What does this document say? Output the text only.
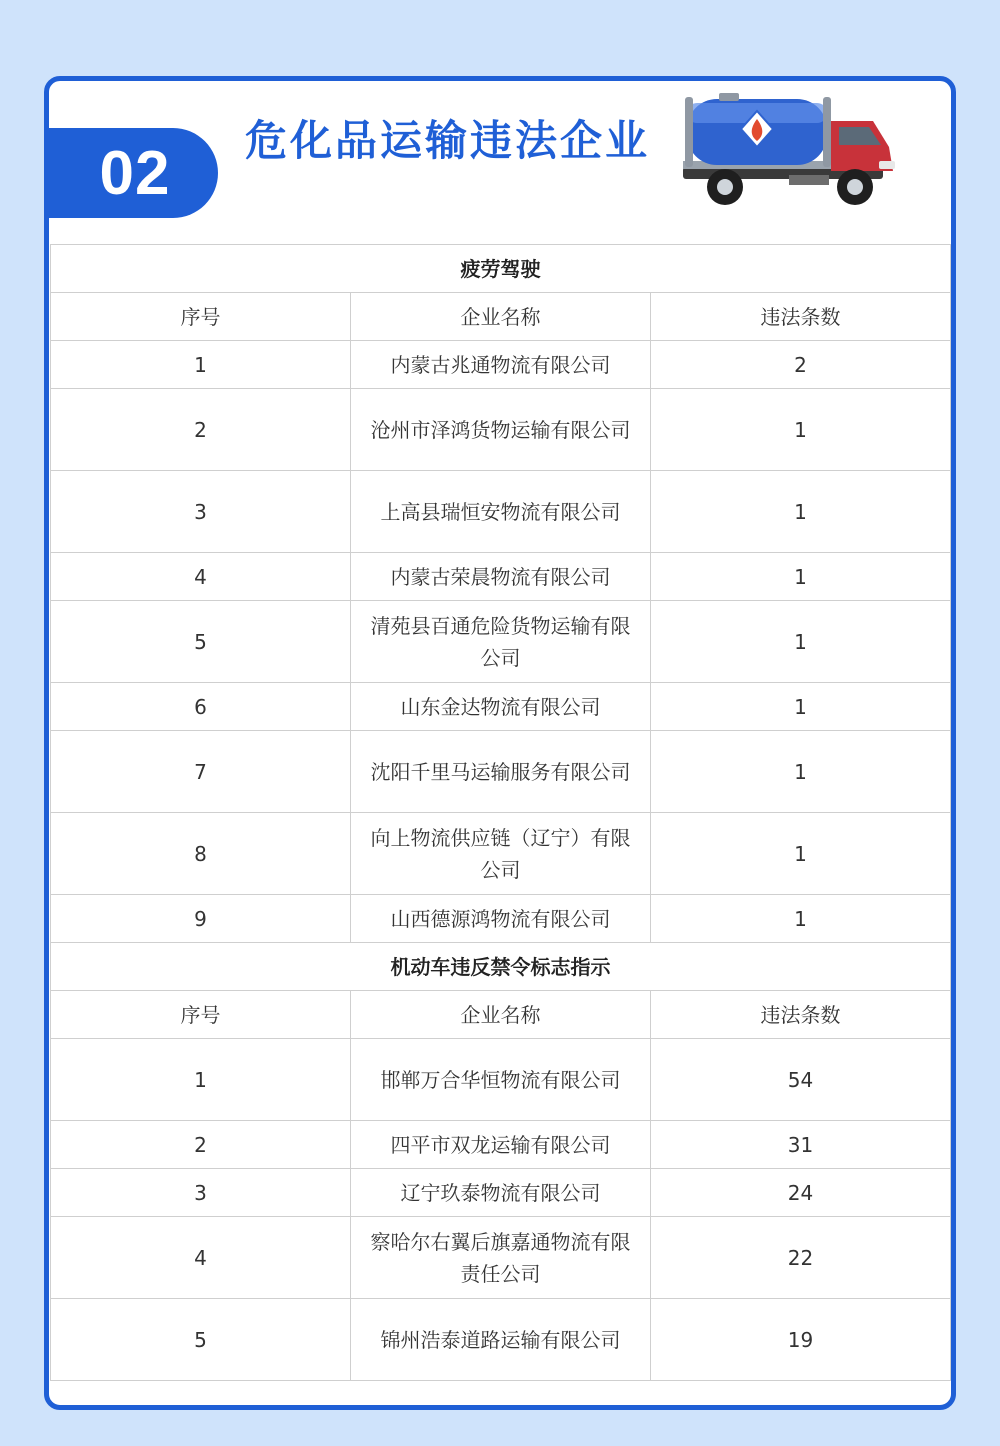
02 危化品运输违法企业
疲劳驾驶		
序号	企业名称	违法条数
1	内蒙古兆通物流有限公司	2
2	沧州市泽鸿货物运输有限公司	1
3	上高县瑞恒安物流有限公司	1
4	内蒙古荣晨物流有限公司	1
5	清苑县百通危险货物运输有限公司	1
6	山东金达物流有限公司	1
7	沈阳千里马运输服务有限公司	1
8	向上物流供应链（辽宁）有限公司	1
9	山西德源鸿物流有限公司	1
机动车违反禁令标志指示		
序号	企业名称	违法条数
1	邯郸万合华恒物流有限公司	54
2	四平市双龙运输有限公司	31
3	辽宁玖泰物流有限公司	24
4	察哈尔右翼后旗嘉通物流有限责任公司	22
5	锦州浩泰道路运输有限公司	19
